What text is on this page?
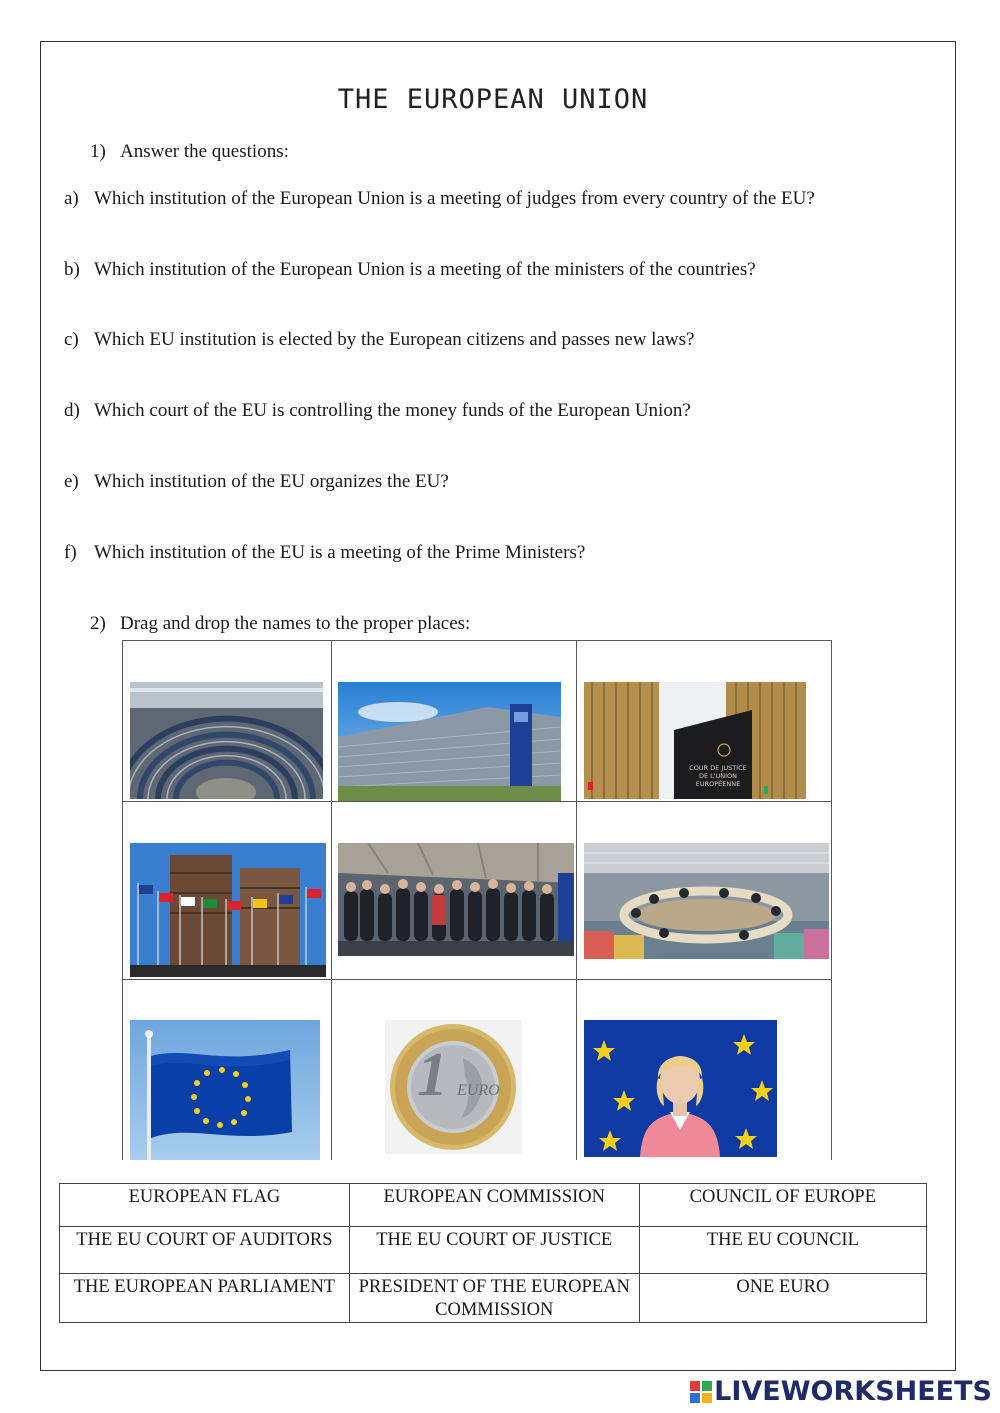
THE EUROPEAN UNION
1) Answer the questions:
a) Which institution of the European Union is a meeting of judges from every country of the EU?
b) Which institution of the European Union is a meeting of the ministers of the countries?
c) Which EU institution is elected by the European citizens and passes new laws?
d) Which court of the EU is controlling the money funds of the European Union?
e) Which institution of the EU organizes the EU?
f) Which institution of the EU is a meeting of the Prime Ministers?
2) Drag and drop the names to the proper places:
COUR DE JUSTICE
DE L'UNION
EUROPÉENNE
1 EURO
EUROPEAN FLAG	EUROPEAN COMMISSION	COUNCIL OF EUROPE
THE EU COURT OF AUDITORS	THE EU COURT OF JUSTICE	THE EU COUNCIL
THE EUROPEAN PARLIAMENT	PRESIDENT OF THE EUROPEAN COMMISSION	ONE EURO
LIVEWORKSHEETS
